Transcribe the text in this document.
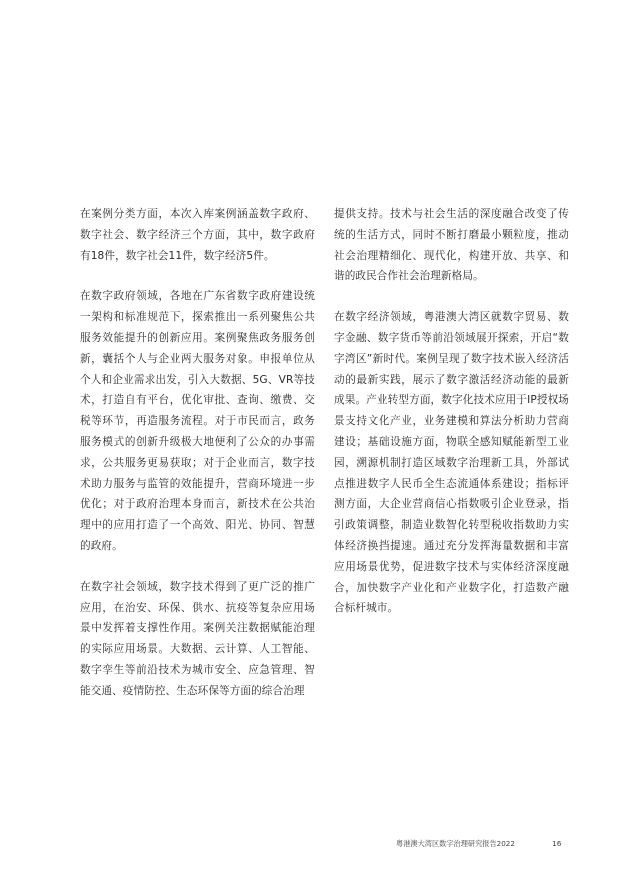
在案例分类方面，本次入库案例涵盖数字政府、数字社会、数字经济三个方面，其中，数字政府有18件，数字社会11件，数字经济5件。

在数字政府领域，各地在广东省数字政府建设统一架构和标准规范下，探索推出一系列聚焦公共服务效能提升的创新应用。案例聚焦政务服务创新，囊括个人与企业两大服务对象。申报单位从个人和企业需求出发，引入大数据、5G、VR等技术，打造自有平台，优化审批、查询、缴费、交税等环节，再造服务流程。对于市民而言，政务服务模式的创新升级极大地便利了公众的办事需求，公共服务更易获取；对于企业而言，数字技术助力服务与监管的效能提升，营商环境进一步优化；对于政府治理本身而言，新技术在公共治理中的应用打造了一个高效、阳光、协同、智慧的政府。

在数字社会领域，数字技术得到了更广泛的推广应用，在治安、环保、供水、抗疫等复杂应用场景中发挥着支撑性作用。案例关注数据赋能治理的实际应用场景。大数据、云计算、人工智能、数字孪生等前沿技术为城市安全、应急管理、智能交通、疫情防控、生态环保等方面的综合治理

提供支持。技术与社会生活的深度融合改变了传统的生活方式，同时不断打磨最小颗粒度，推动社会治理精细化、现代化，构建开放、共享、和谐的政民合作社会治理新格局。

在数字经济领域，粤港澳大湾区就数字贸易、数字金融、数字货币等前沿领域展开探索，开启“数字湾区”新时代。案例呈现了数字技术嵌入经济活动的最新实践，展示了数字激活经济动能的最新成果。产业转型方面，数字化技术应用于IP授权场景支持文化产业，业务建模和算法分析助力营商建设；基础设施方面，物联全感知赋能新型工业园，溯源机制打造区域数字治理新工具，外部试点推进数字人民币全生态流通体系建设；指标评测方面，大企业营商信心指数吸引企业登录，指引政策调整，制造业数智化转型税收指数助力实体经济换挡提速。通过充分发挥海量数据和丰富应用场景优势，促进数字技术与实体经济深度融合，加快数字产业化和产业数字化，打造数产融合标杆城市。

粤港澳大湾区数字治理研究报告2022	16
